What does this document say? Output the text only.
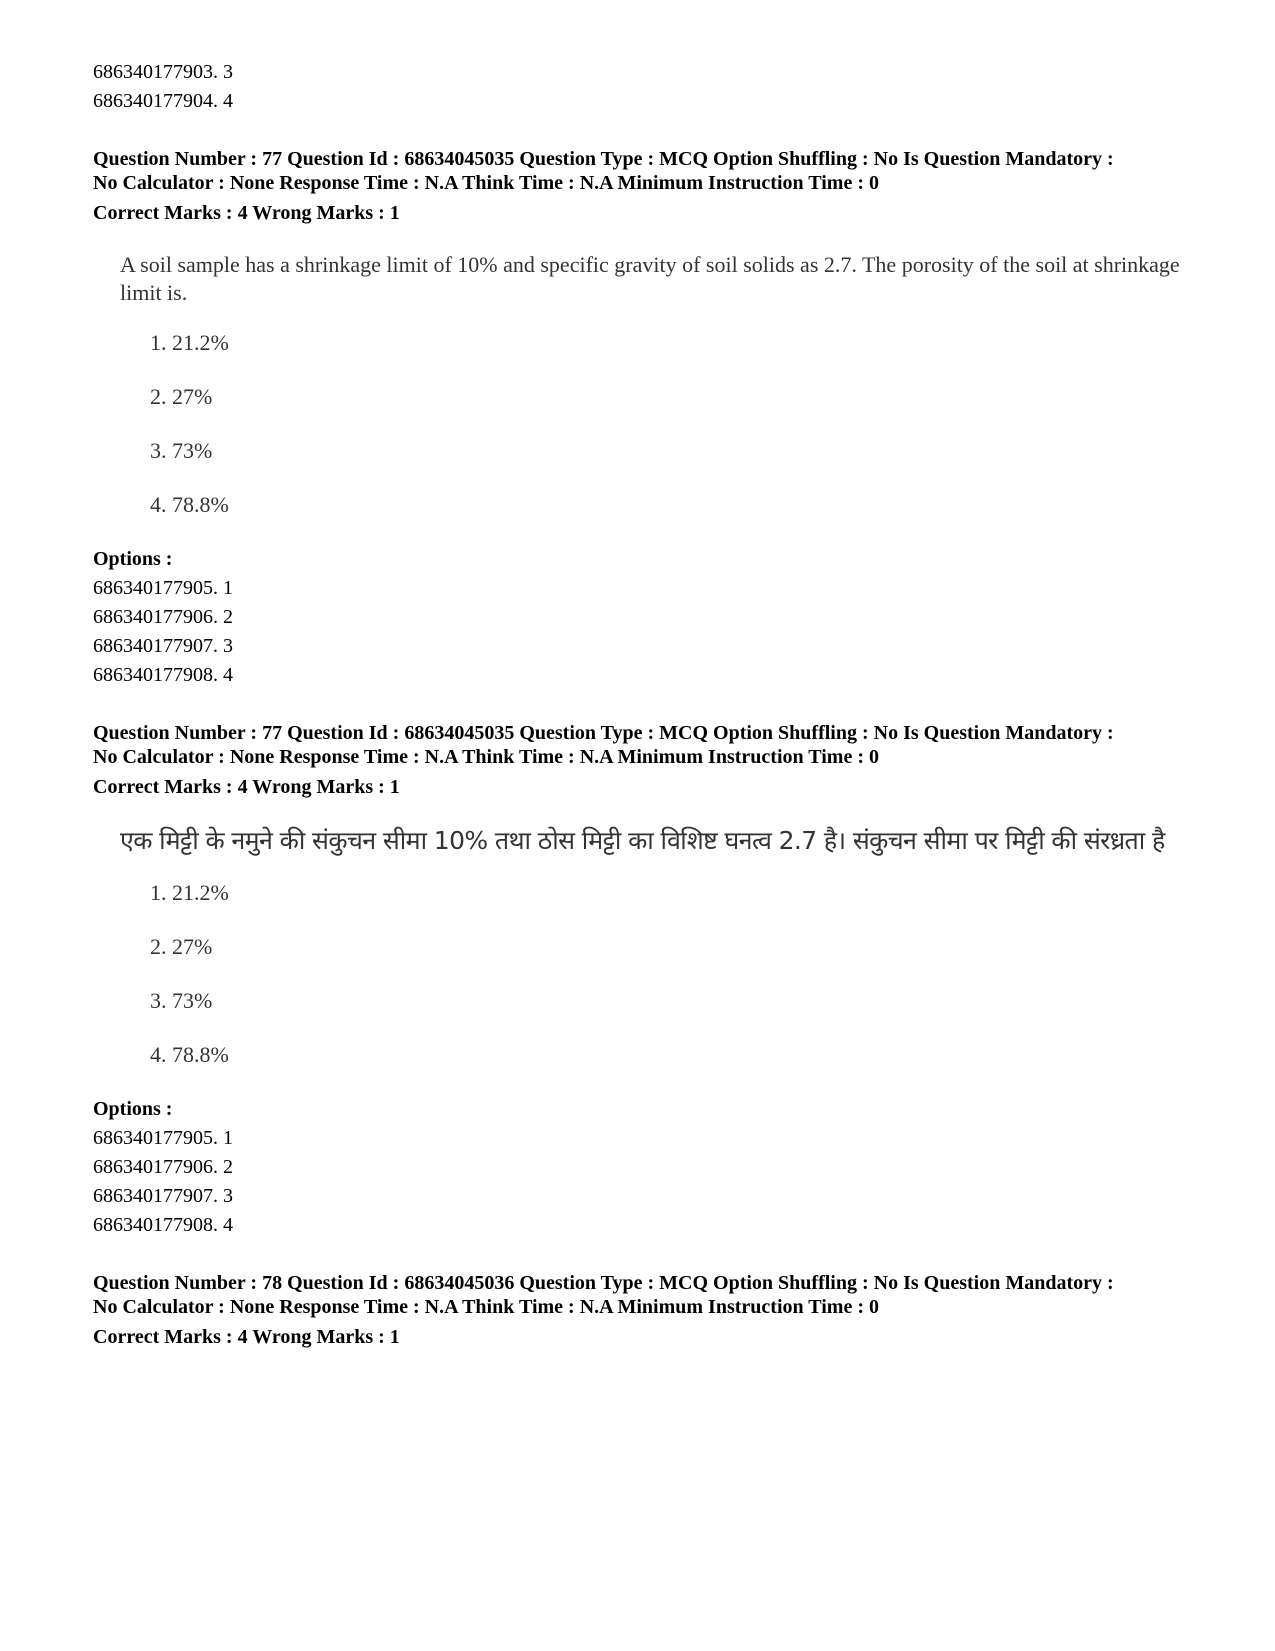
686340177903. 3
686340177904. 4
Question Number : 77 Question Id : 68634045035 Question Type : MCQ Option Shuffling : No Is Question Mandatory :
No Calculator : None Response Time : N.A Think Time : N.A Minimum Instruction Time : 0
Correct Marks : 4 Wrong Marks : 1
A soil sample has a shrinkage limit of 10% and specific gravity of soil solids as 2.7. The porosity of the soil at shrinkage limit is.
1. 21.2%
2. 27%
3. 73%
4. 78.8%
Options :
686340177905. 1
686340177906. 2
686340177907. 3
686340177908. 4
Question Number : 77 Question Id : 68634045035 Question Type : MCQ Option Shuffling : No Is Question Mandatory :
No Calculator : None Response Time : N.A Think Time : N.A Minimum Instruction Time : 0
Correct Marks : 4 Wrong Marks : 1
एक मिट्टी के नमुने की संकुचन सीमा 10% तथा ठोस मिट्टी का विशिष्ट घनत्व 2.7 है। संकुचन सीमा पर मिट्टी की संरध्रता है
1. 21.2%
2. 27%
3. 73%
4. 78.8%
Options :
686340177905. 1
686340177906. 2
686340177907. 3
686340177908. 4
Question Number : 78 Question Id : 68634045036 Question Type : MCQ Option Shuffling : No Is Question Mandatory :
No Calculator : None Response Time : N.A Think Time : N.A Minimum Instruction Time : 0
Correct Marks : 4 Wrong Marks : 1
